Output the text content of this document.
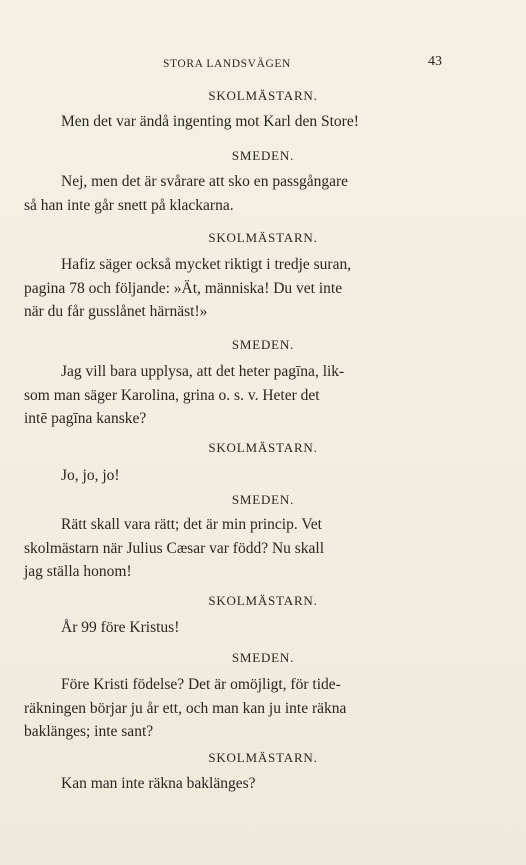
STORA LANDSVÄGEN	43
SKOLMÄSTARN.
Men det var ändå ingenting mot Karl den Store!
SMEDEN.
Nej, men det är svårare att sko en passgångare
så han inte går snett på klackarna.
SKOLMÄSTARN.
Hafiz säger också mycket riktigt i tredje suran,
pagina 78 och följande: »Ät, människa! Du vet inte
när du får gusslånet härnäst!»
SMEDEN.
Jag vill bara upplysa, att det heter pagīna, lik-
som man säger Karolina, grina o. s. v. Heter det
intē pagīna kanske?
SKOLMÄSTARN.
Jo, jo, jo!
SMEDEN.
Rätt skall vara rätt; det är min princip. Vet
skolmästarn när Julius Cæsar var född? Nu skall
jag ställa honom!
SKOLMÄSTARN.
År 99 före Kristus!
SMEDEN.
Före Kristi födelse? Det är omöjligt, för tide-
räkningen börjar ju år ett, och man kan ju inte räkna
baklänges; inte sant?
SKOLMÄSTARN.
Kan man inte räkna baklänges?
